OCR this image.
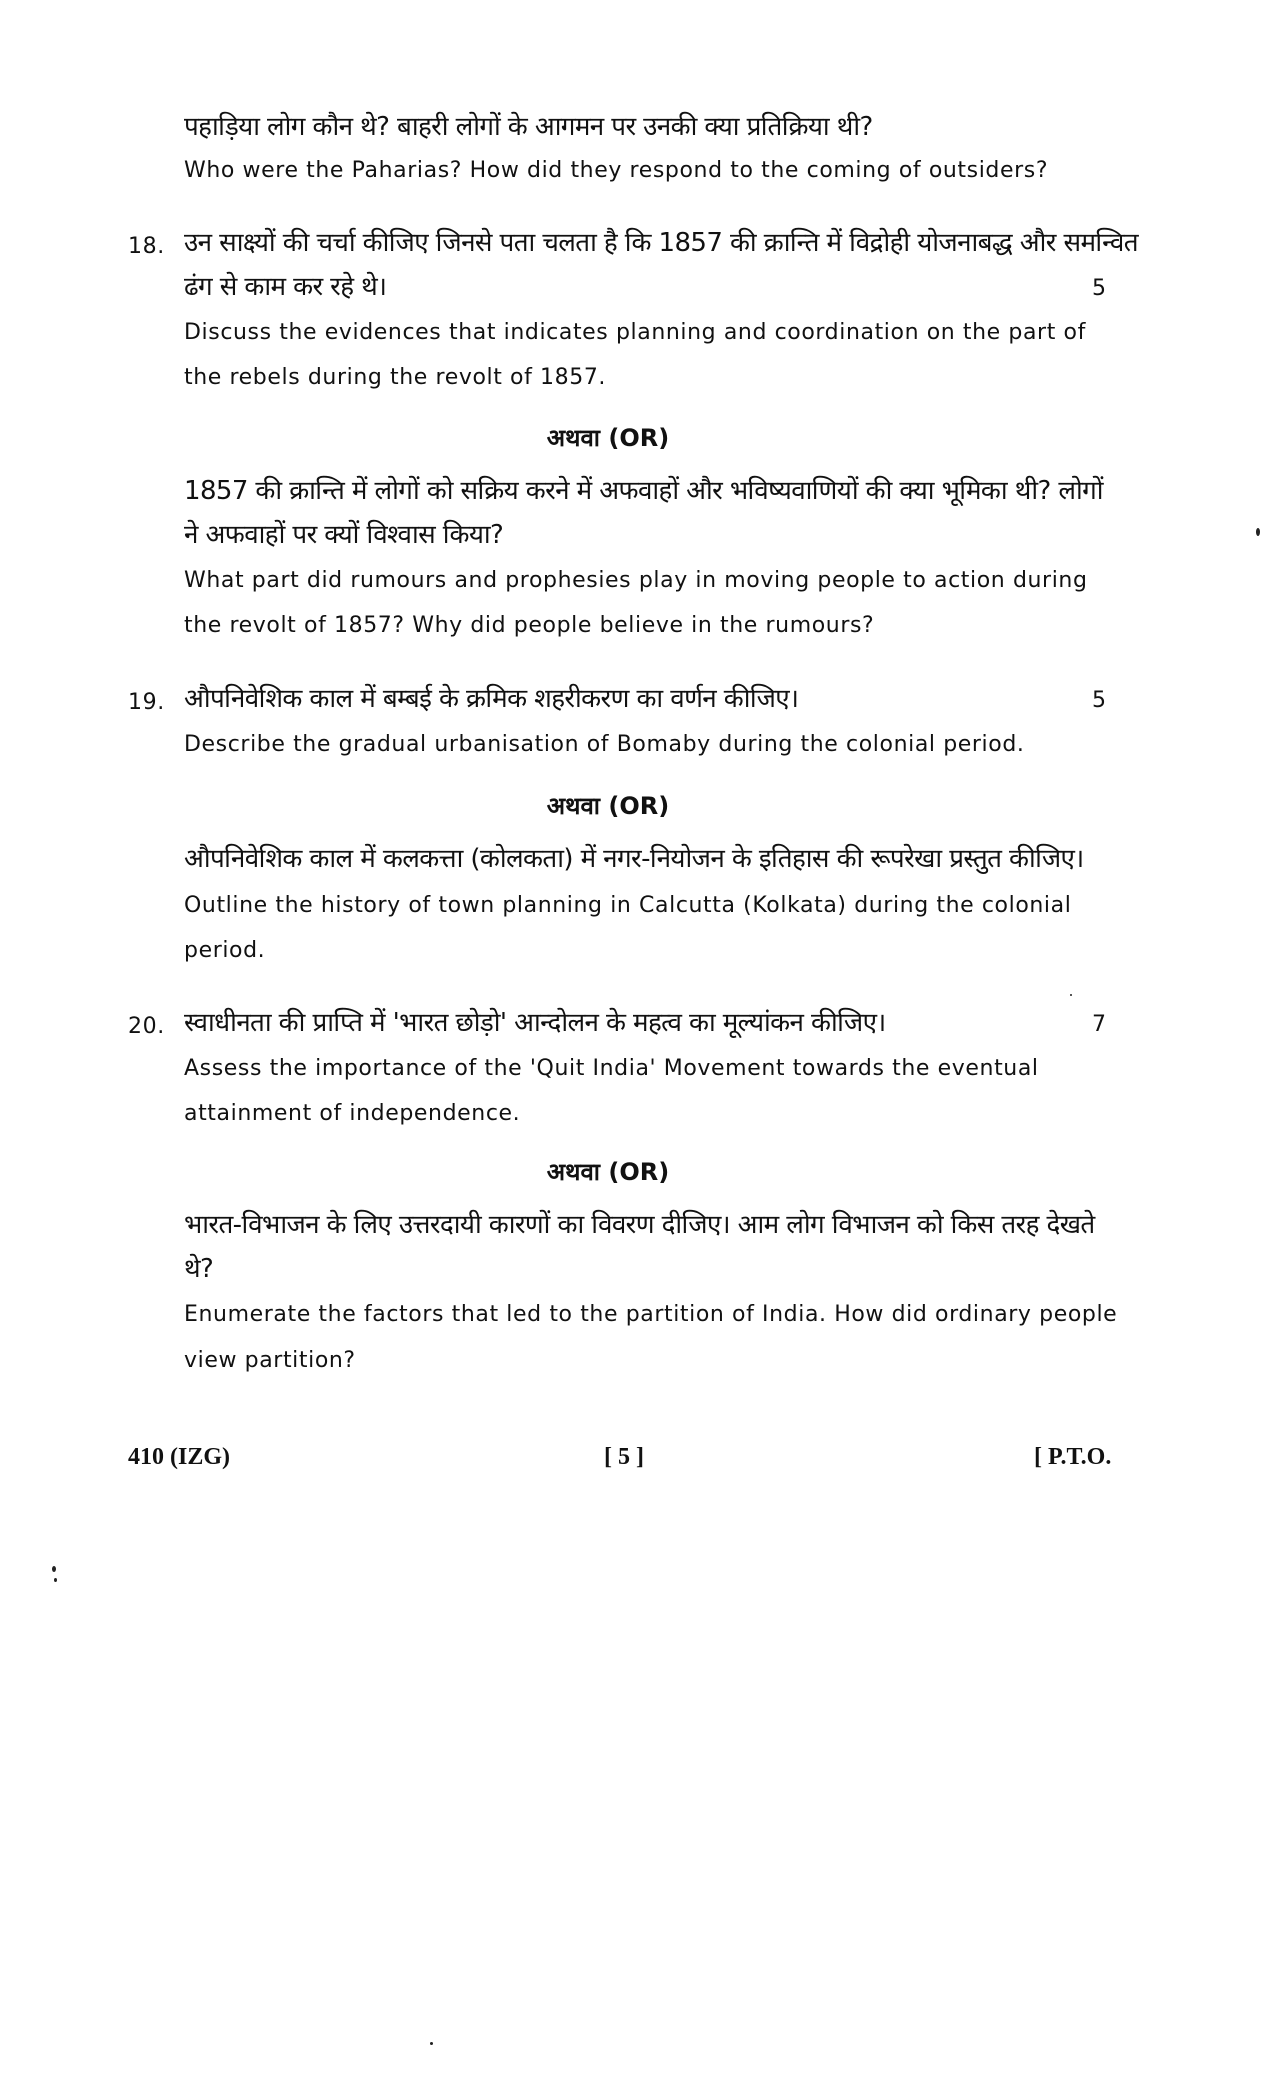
पहाड़िया लोग कौन थे? बाहरी लोगों के आगमन पर उनकी क्या प्रतिक्रिया थी?
Who were the Paharias? How did they respond to the coming of outsiders?
18. उन साक्ष्यों की चर्चा कीजिए जिनसे पता चलता है कि 1857 की क्रान्ति में विद्रोही योजनाबद्ध और समन्वित
ढंग से काम कर रहे थे।	5
Discuss the evidences that indicates planning and coordination on the part of
the rebels during the revolt of 1857.
अथवा (OR)
1857 की क्रान्ति में लोगों को सक्रिय करने में अफवाहों और भविष्यवाणियों की क्या भूमिका थी? लोगों
ने अफवाहों पर क्यों विश्वास किया?
What part did rumours and prophesies play in moving people to action during
the revolt of 1857? Why did people believe in the rumours?
19. औपनिवेशिक काल में बम्बई के क्रमिक शहरीकरण का वर्णन कीजिए।	5
Describe the gradual urbanisation of Bomaby during the colonial period.
अथवा (OR)
औपनिवेशिक काल में कलकत्ता (कोलकता) में नगर-नियोजन के इतिहास की रूपरेखा प्रस्तुत कीजिए।
Outline the history of town planning in Calcutta (Kolkata) during the colonial
period.
20. स्वाधीनता की प्राप्ति में 'भारत छोड़ो' आन्दोलन के महत्व का मूल्यांकन कीजिए।	7
Assess the importance of the 'Quit India' Movement towards the eventual
attainment of independence.
अथवा (OR)
भारत-विभाजन के लिए उत्तरदायी कारणों का विवरण दीजिए। आम लोग विभाजन को किस तरह देखते
थे?
Enumerate the factors that led to the partition of India. How did ordinary people
view partition?
410 (IZG)	[ 5 ]	[ P.T.O.
